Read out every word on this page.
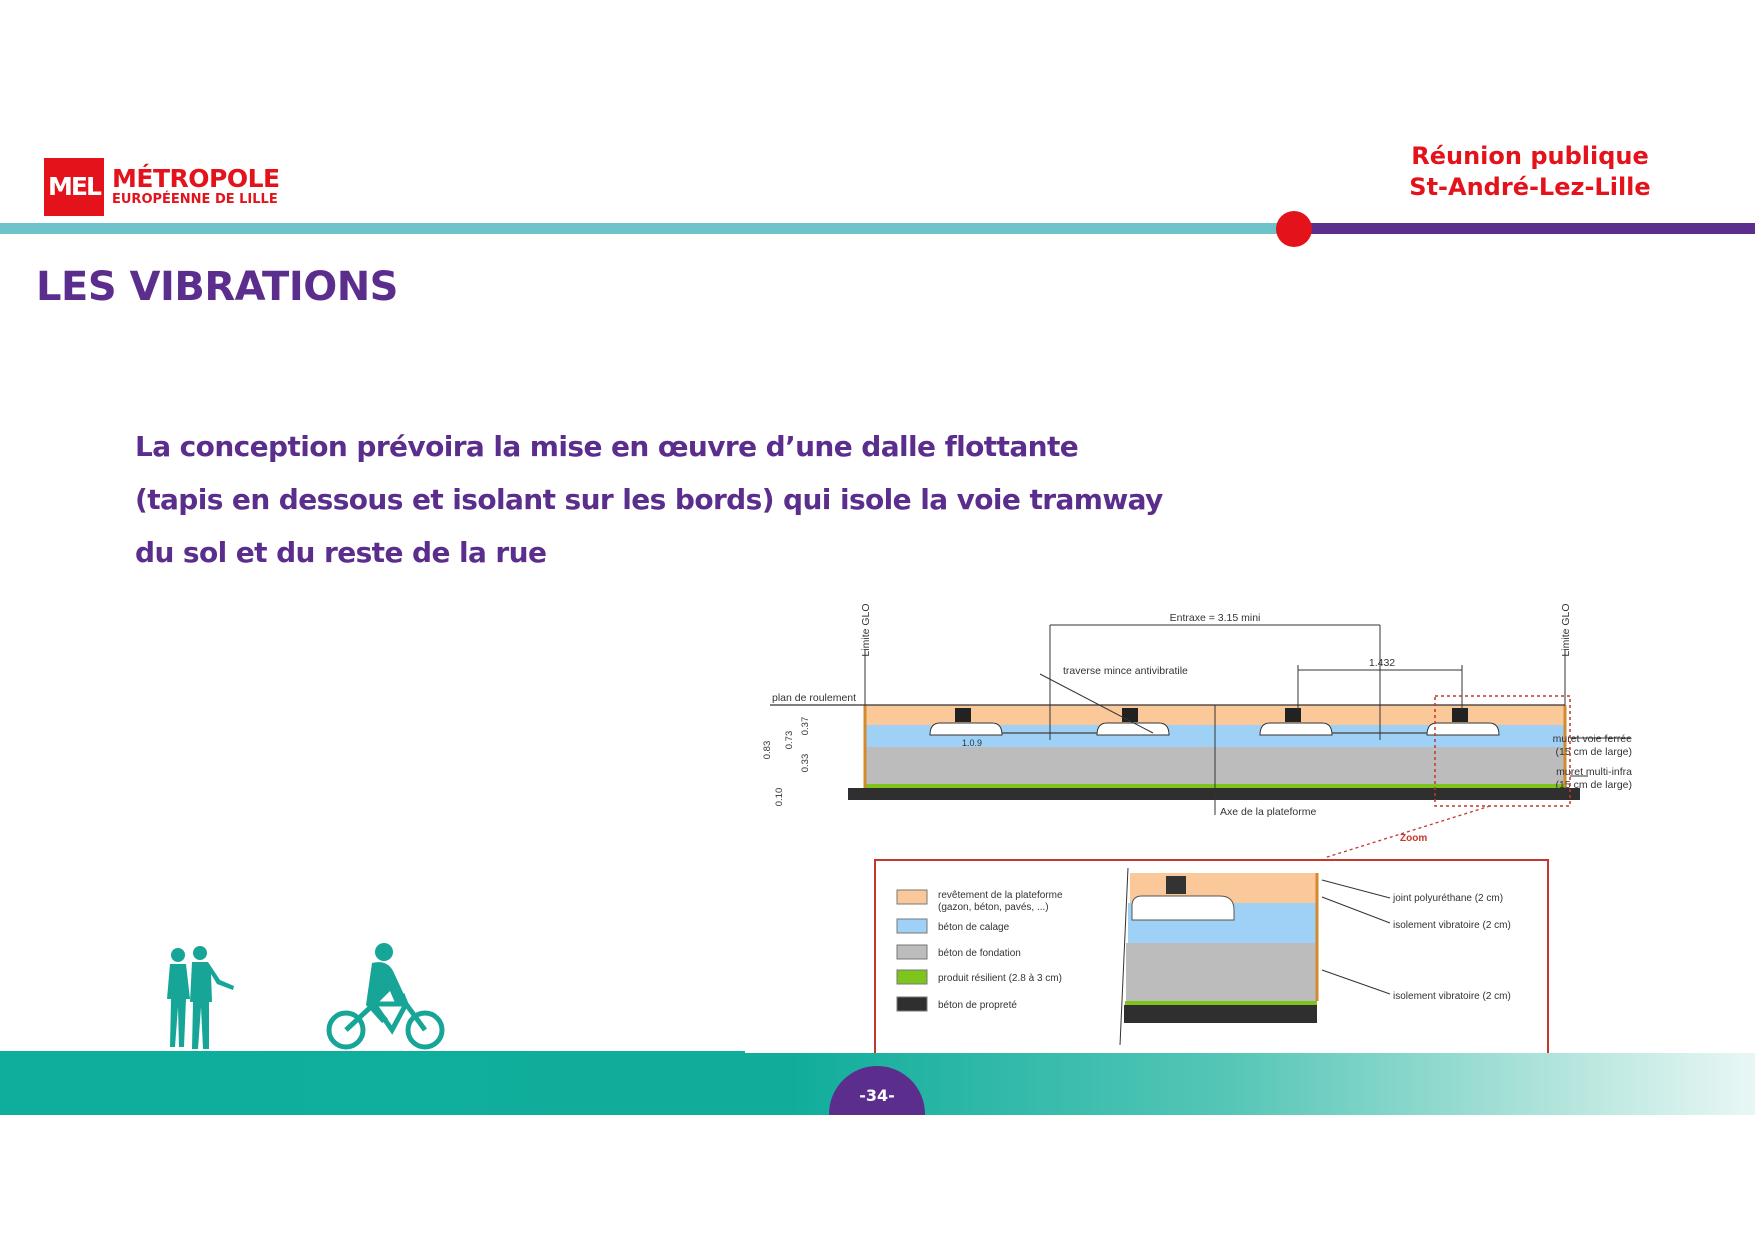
MEL MÉTROPOLE
EUROPÉENNE DE LILLE
Réunion publique
St-André-Lez-Lille
LES VIBRATIONS
La conception prévoira la mise en œuvre d’une dalle flottante
(tapis en dessous et isolant sur les bords) qui isole la voie tramway
du sol et du reste de la rue
Limite GLO	Limite GLO
Entraxe = 3.15 mini
1.432
traverse mince antivibratile
plan de roulement
Axe de la plateforme
1.0.9
0.83
0.73
0.37
0.33
0.10
muret voie ferrée
(15 cm de large)
muret multi-infra
(15 cm de large)
Zoom
revêtement de la plateforme
(gazon, béton, pavés, ...)
béton de calage
béton de fondation
produit résilient (2.8 à 3 cm)
béton de propreté
joint polyuréthane (2 cm)
isolement vibratoire (2 cm)
isolement vibratoire (2 cm)
-34-
